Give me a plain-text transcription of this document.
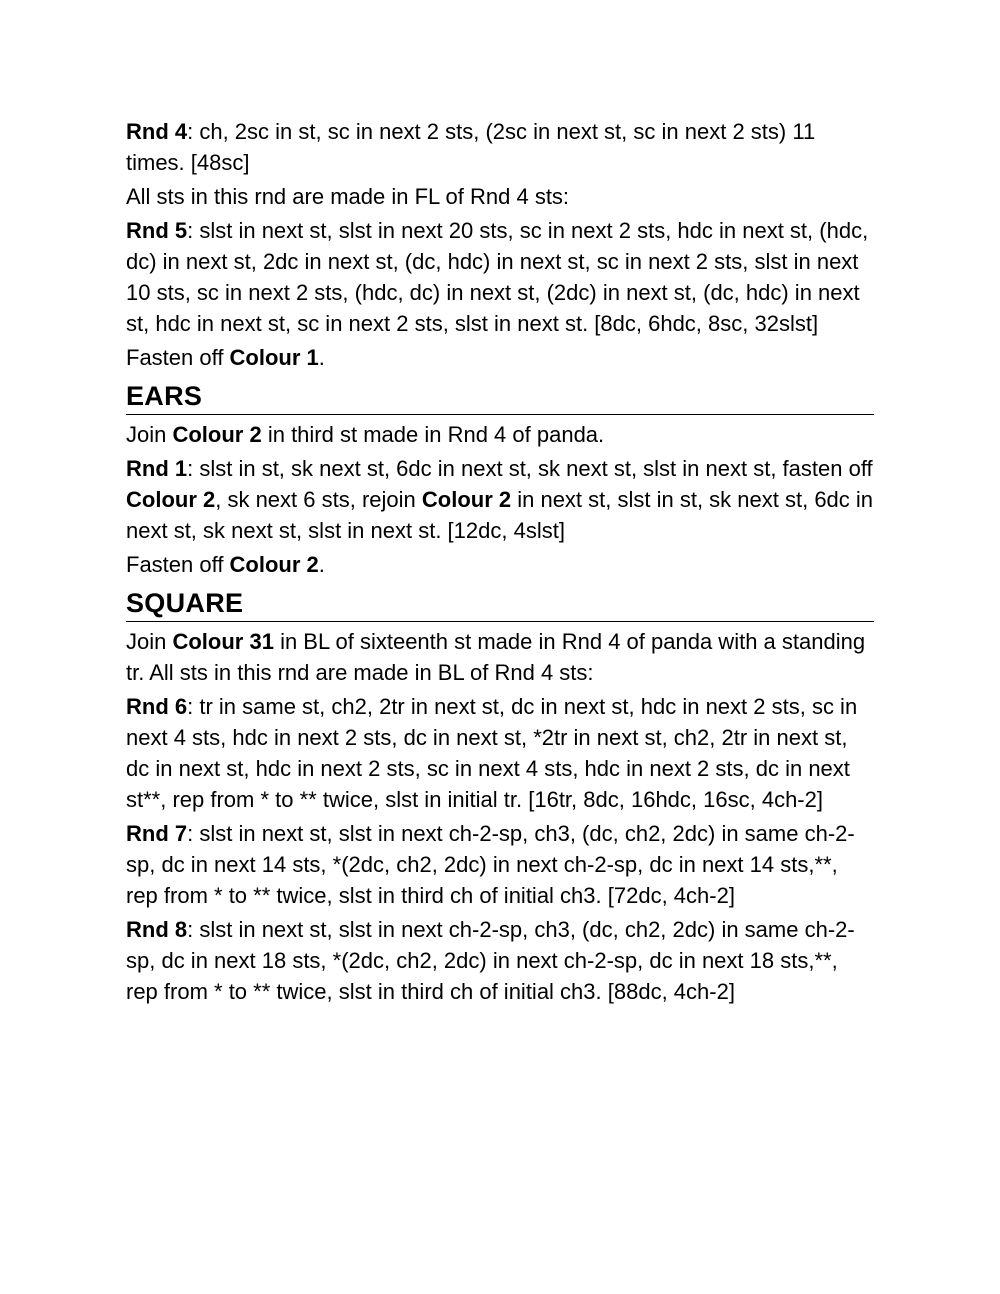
Rnd 4: ch, 2sc in st, sc in next 2 sts, (2sc in next st, sc in next 2 sts) 11 times. [48sc]

All sts in this rnd are made in FL of Rnd 4 sts:

Rnd 5: slst in next st, slst in next 20 sts, sc in next 2 sts, hdc in next st, (hdc, dc) in next st, 2dc in next st, (dc, hdc) in next st, sc in next 2 sts, slst in next 10 sts, sc in next 2 sts, (hdc, dc) in next st, (2dc) in next st, (dc, hdc) in next st, hdc in next st, sc in next 2 sts, slst in next st. [8dc, 6hdc, 8sc, 32slst]

Fasten off Colour 1.

EARS

Join Colour 2 in third st made in Rnd 4 of panda.

Rnd 1: slst in st, sk next st, 6dc in next st, sk next st, slst in next st, fasten off Colour 2, sk next 6 sts, rejoin Colour 2 in next st, slst in st, sk next st, 6dc in next st, sk next st, slst in next st. [12dc, 4slst]

Fasten off Colour 2.

SQUARE

Join Colour 31 in BL of sixteenth st made in Rnd 4 of panda with a standing tr. All sts in this rnd are made in BL of Rnd 4 sts:

Rnd 6: tr in same st, ch2, 2tr in next st, dc in next st, hdc in next 2 sts, sc in next 4 sts, hdc in next 2 sts, dc in next st, *2tr in next st, ch2, 2tr in next st, dc in next st, hdc in next 2 sts, sc in next 4 sts, hdc in next 2 sts, dc in next st**, rep from * to ** twice, slst in initial tr. [16tr, 8dc, 16hdc, 16sc, 4ch-2]

Rnd 7: slst in next st, slst in next ch-2-sp, ch3, (dc, ch2, 2dc) in same ch-2-sp, dc in next 14 sts, *(2dc, ch2, 2dc) in next ch-2-sp, dc in next 14 sts,**, rep from * to ** twice, slst in third ch of initial ch3. [72dc, 4ch-2]

Rnd 8: slst in next st, slst in next ch-2-sp, ch3, (dc, ch2, 2dc) in same ch-2-sp, dc in next 18 sts, *(2dc, ch2, 2dc) in next ch-2-sp, dc in next 18 sts,**, rep from * to ** twice, slst in third ch of initial ch3. [88dc, 4ch-2]
